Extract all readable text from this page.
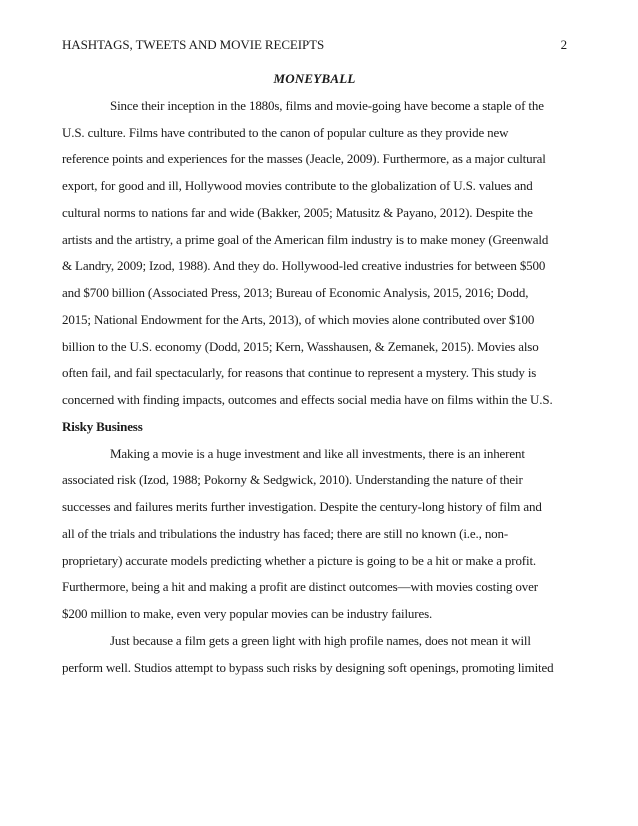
HASHTAGS, TWEETS AND MOVIE RECEIPTS	2
MONEYBALL
Since their inception in the 1880s, films and movie-going have become a staple of the
U.S. culture. Films have contributed to the canon of popular culture as they provide new
reference points and experiences for the masses (Jeacle, 2009). Furthermore, as a major cultural
export, for good and ill, Hollywood movies contribute to the globalization of U.S. values and
cultural norms to nations far and wide (Bakker, 2005; Matusitz & Payano, 2012). Despite the
artists and the artistry, a prime goal of the American film industry is to make money (Greenwald
& Landry, 2009; Izod, 1988). And they do. Hollywood-led creative industries for between $500
and $700 billion (Associated Press, 2013; Bureau of Economic Analysis, 2015, 2016; Dodd,
2015; National Endowment for the Arts, 2013), of which movies alone contributed over $100
billion to the U.S. economy (Dodd, 2015; Kern, Wasshausen, & Zemanek, 2015). Movies also
often fail, and fail spectacularly, for reasons that continue to represent a mystery. This study is
concerned with finding impacts, outcomes and effects social media have on films within the U.S.
Risky Business
Making a movie is a huge investment and like all investments, there is an inherent
associated risk (Izod, 1988; Pokorny & Sedgwick, 2010). Understanding the nature of their
successes and failures merits further investigation. Despite the century-long history of film and
all of the trials and tribulations the industry has faced; there are still no known (i.e., non-
proprietary) accurate models predicting whether a picture is going to be a hit or make a profit.
Furthermore, being a hit and making a profit are distinct outcomes—with movies costing over
$200 million to make, even very popular movies can be industry failures.
Just because a film gets a green light with high profile names, does not mean it will
perform well. Studios attempt to bypass such risks by designing soft openings, promoting limited
